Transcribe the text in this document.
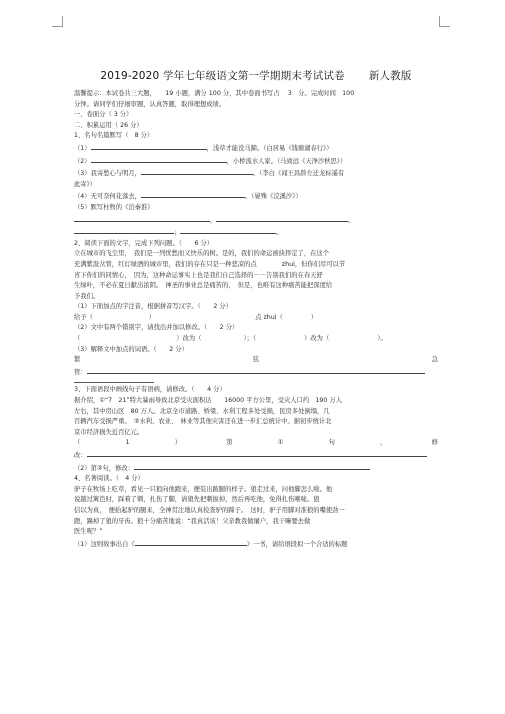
2019-2020 学年七年级语文第一学期期末考试试卷 新人教版
温馨提示：本试卷共三大题，　　19 小题，满分 100 分，其中卷面书写占　 3　分。完成时间　100
分钟。请同学们仔细审题，认真答题，取得理想成绩。
一、卷面分（ 3 分）
二、积累运用（ 26 分）
1、名句名篇默写（　8 分）
（1）	，浅草才能没马蹄。（白居易《钱塘湖春行》）
（2）	，小桥流水人家。（马致远《天净沙秋思》）
（3）我寄愁心与明月，	。（李白《闻王昌龄左迁龙标遥有
此寄》）
（4）无可奈何花落去，	。（晏殊《浣溪沙》）
（5）默写杜牧的《泊秦淮》
，	。
；	。
2、阅读下面的文字，完成下列问题。（　　6 分）
立在城市的飞尘里，　我们是一列忧愁而又快乐的树。是的，我们的命运被抉择定了，在这个
充满紫汲岔管，红灯绿酒的城市里，我们的存在只是一种悲凉的点　　　　zhui，但你们尽可以节
省下你们的同情心，　因为，这种命运事实上也是我们自己选择的－－告别我们的在春天舒
生绿叶，不必在夏日献出浓阴。　神圣的事业总是痛苦的，　但是，也唯有这种痛苦能把深度给
予我们。
（1）下面加点的字注音，根据拼音写汉字。（　　2 分）
给予（	）	点 zhuì（	）
（2）文中有两个错别字，请找出并加以修改。（　　2 分）
（	）改为（	）；（	）改为（	）。
（3）解释文中加点的词语。（　　2 分）
繁	弦	急
管：
3、下面语段中画线句子有语病，请修改。（　　4 分）
据介绍，①“7　21”特大暴雨导致北京受灾面积达　　16000 平方公里，受灾人口约　190 万人
左右，其中房山区　80 万人。北京全市道路、桥梁、水利工程多处受损，民房多处倒塌，几
百辆汽车受损严重。　②水利、农业、　林业等其他灾害还在进一步汇总统计中。据初步统计北
京市经济损失近百亿元。
（	1	）	第	①	句	，	修
改：
（2）第②句，修改：
4、名著阅读。（　4 分）
驴子在牧场上吃草，看见一只狼向他跑来，便装出跛腿的样子。狼走过来，问他脚怎么啦。他
说越过篱笆时，踩着了刺，扎伤了脚，请狼先把刺拔掉，然后再吃他，免得扎伤喉咙。狼
信以为真，　便抬起驴的腿来，全神贯注地认真检查驴的蹄子。　这时，驴子用脚对准狼的嘴使劲一
蹬，踢掉了狼的牙齿。狼十分痛苦地说：“我真活该！父亲教我做屠户，我干嘛要去做
医生呢？”
（1）这则故事出自《	》一书，请给语段拟一个合适的标题
